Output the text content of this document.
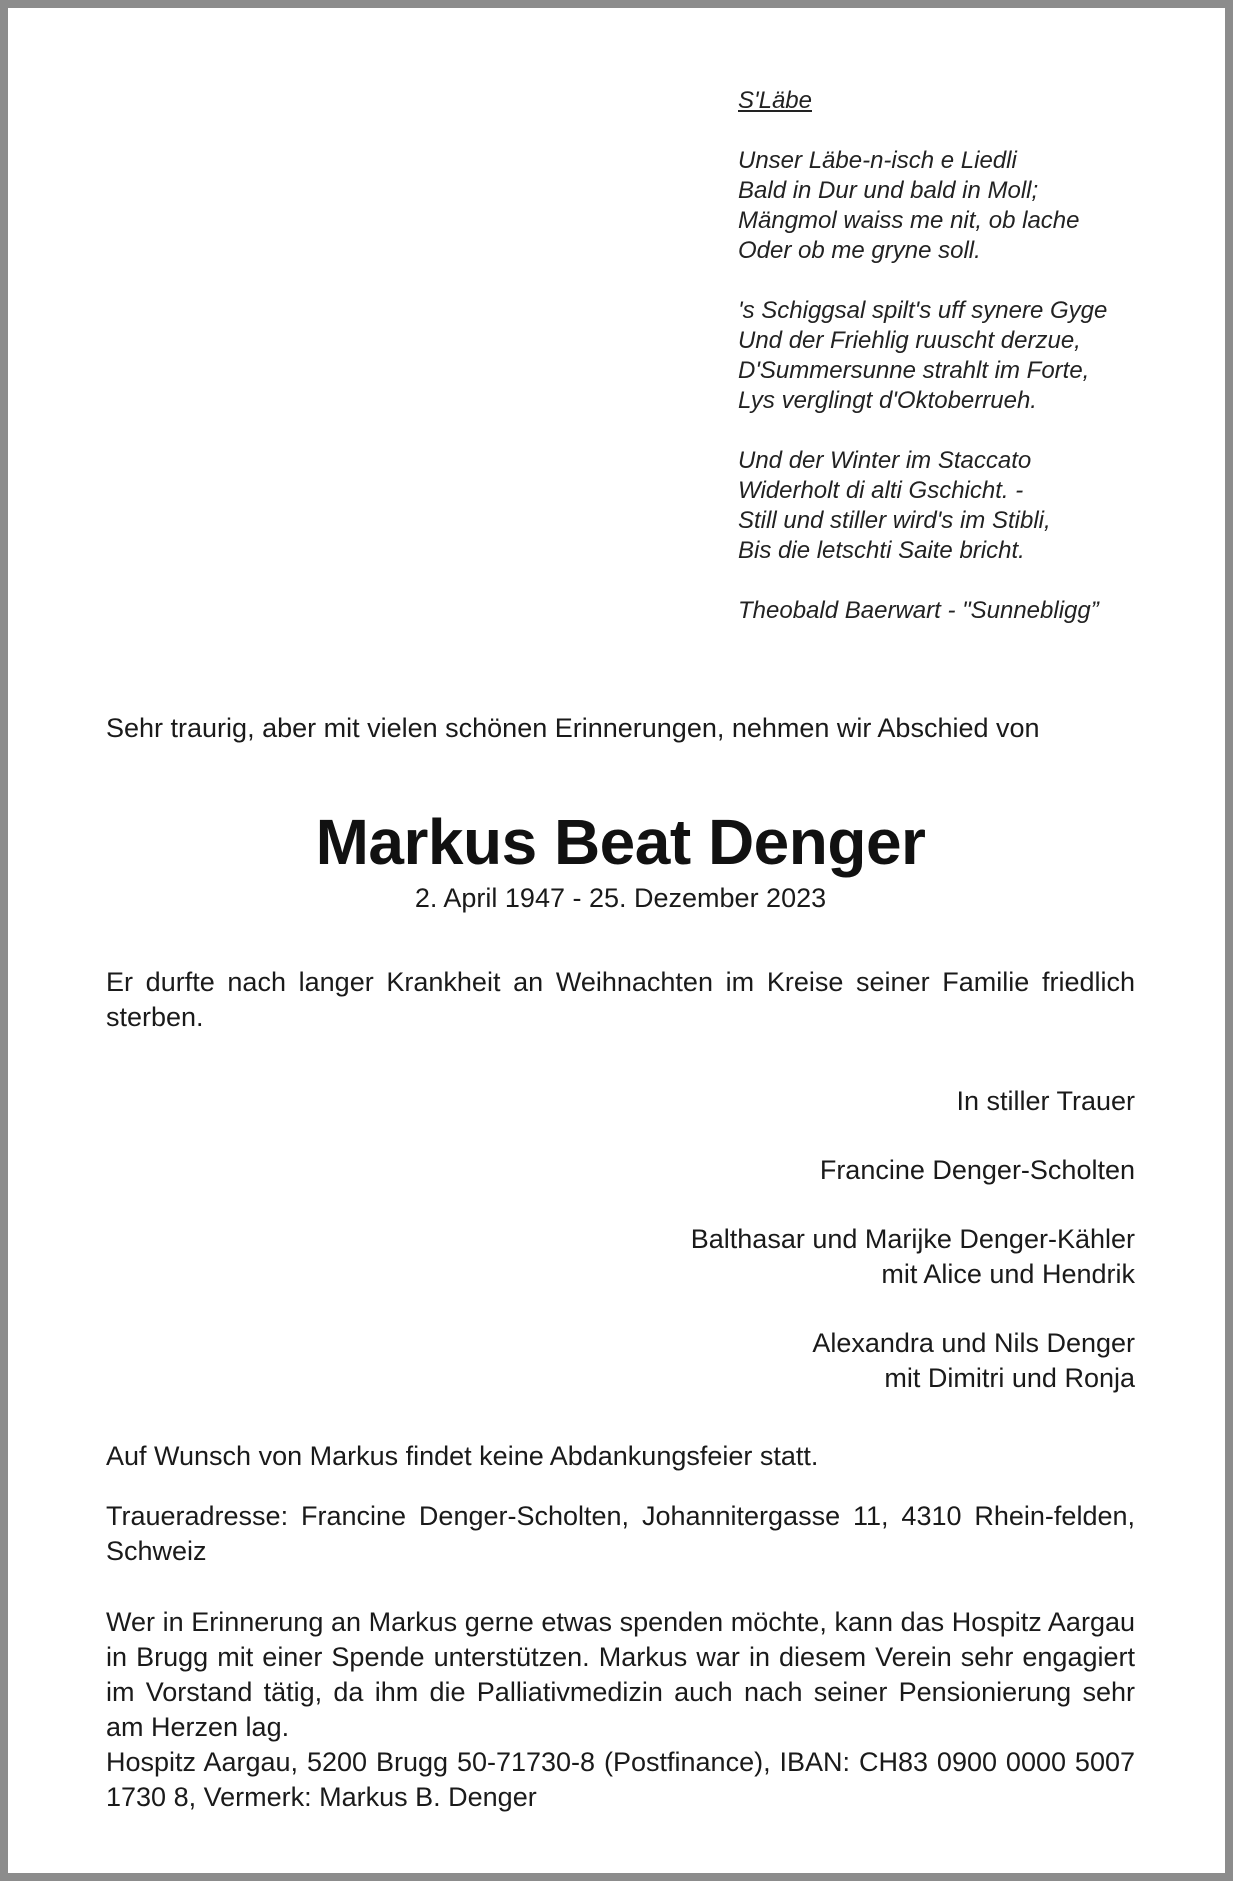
S'Läbe
Unser Läbe-n-isch e Liedli
Bald in Dur und bald in Moll;
Mängmol waiss me nit, ob lache
Oder ob me gryne soll.
's Schiggsal spilt's uff synere Gyge
Und der Friehlig ruuscht derzue,
D'Summersunne strahlt im Forte,
Lys verglingt d'Oktoberrueh.
Und der Winter im Staccato
Widerholt di alti Gschicht. -
Still und stiller wird's im Stibli,
Bis die letschti Saite bricht.
Theobald Baerwart - "Sunnebligg”
Sehr traurig, aber mit vielen schönen Erinnerungen, nehmen wir Abschied von
Markus Beat Denger
2. April 1947 - 25. Dezember 2023
Er durfte nach langer Krankheit an Weihnachten im Kreise seiner Familie friedlich sterben.
In stiller Trauer
Francine Denger-Scholten
Balthasar und Marijke Denger-Kähler
mit Alice und Hendrik
Alexandra und Nils Denger
mit Dimitri und Ronja
Auf Wunsch von Markus findet keine Abdankungsfeier statt.
Traueradresse: Francine Denger-Scholten, Johannitergasse 11, 4310 Rhein-felden, Schweiz
Wer in Erinnerung an Markus gerne etwas spenden möchte, kann das Hospitz Aargau in Brugg mit einer Spende unterstützen. Markus war in diesem Verein sehr engagiert im Vorstand tätig, da ihm die Palliativmedizin auch nach seiner Pensionierung sehr am Herzen lag.
Hospitz Aargau, 5200 Brugg 50-71730-8 (Postfinance), IBAN: CH83 0900 0000 5007 1730 8, Vermerk: Markus B. Denger
